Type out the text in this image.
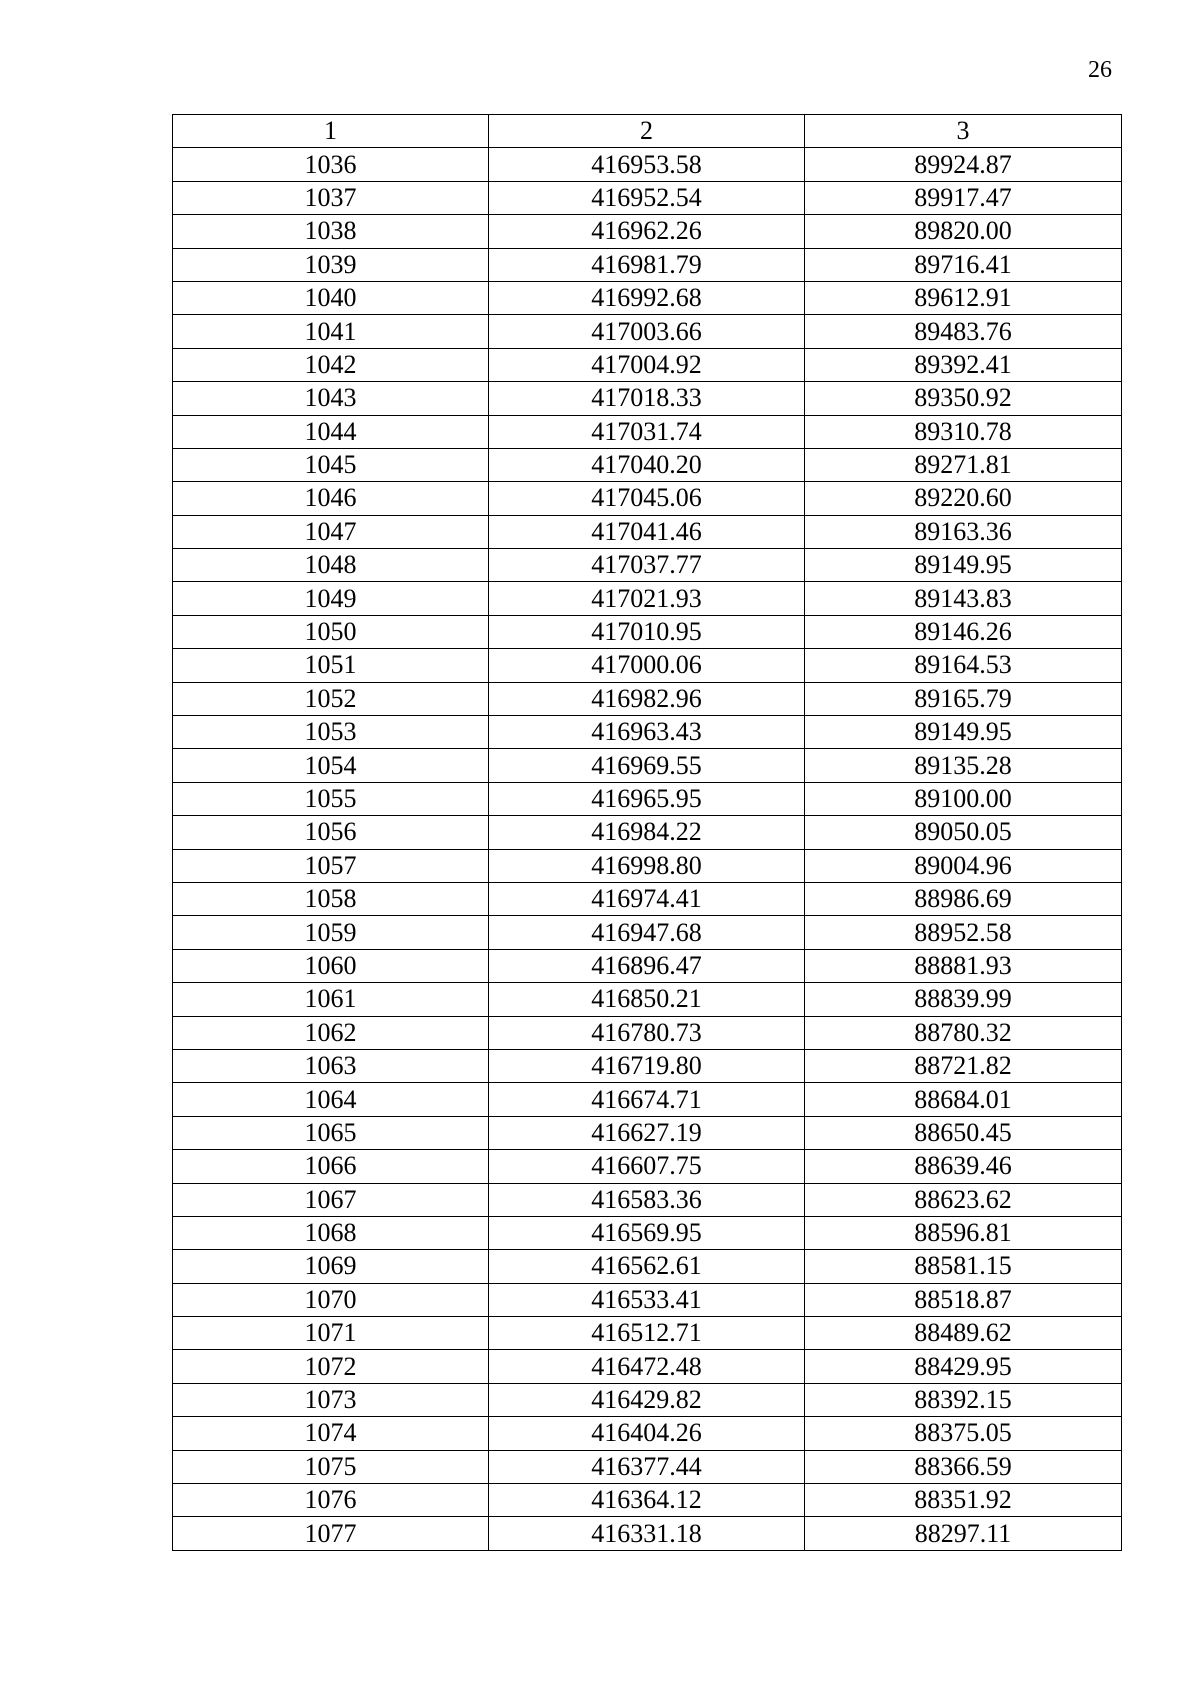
26
1	2	3
1036	416953.58	89924.87
1037	416952.54	89917.47
1038	416962.26	89820.00
1039	416981.79	89716.41
1040	416992.68	89612.91
1041	417003.66	89483.76
1042	417004.92	89392.41
1043	417018.33	89350.92
1044	417031.74	89310.78
1045	417040.20	89271.81
1046	417045.06	89220.60
1047	417041.46	89163.36
1048	417037.77	89149.95
1049	417021.93	89143.83
1050	417010.95	89146.26
1051	417000.06	89164.53
1052	416982.96	89165.79
1053	416963.43	89149.95
1054	416969.55	89135.28
1055	416965.95	89100.00
1056	416984.22	89050.05
1057	416998.80	89004.96
1058	416974.41	88986.69
1059	416947.68	88952.58
1060	416896.47	88881.93
1061	416850.21	88839.99
1062	416780.73	88780.32
1063	416719.80	88721.82
1064	416674.71	88684.01
1065	416627.19	88650.45
1066	416607.75	88639.46
1067	416583.36	88623.62
1068	416569.95	88596.81
1069	416562.61	88581.15
1070	416533.41	88518.87
1071	416512.71	88489.62
1072	416472.48	88429.95
1073	416429.82	88392.15
1074	416404.26	88375.05
1075	416377.44	88366.59
1076	416364.12	88351.92
1077	416331.18	88297.11
